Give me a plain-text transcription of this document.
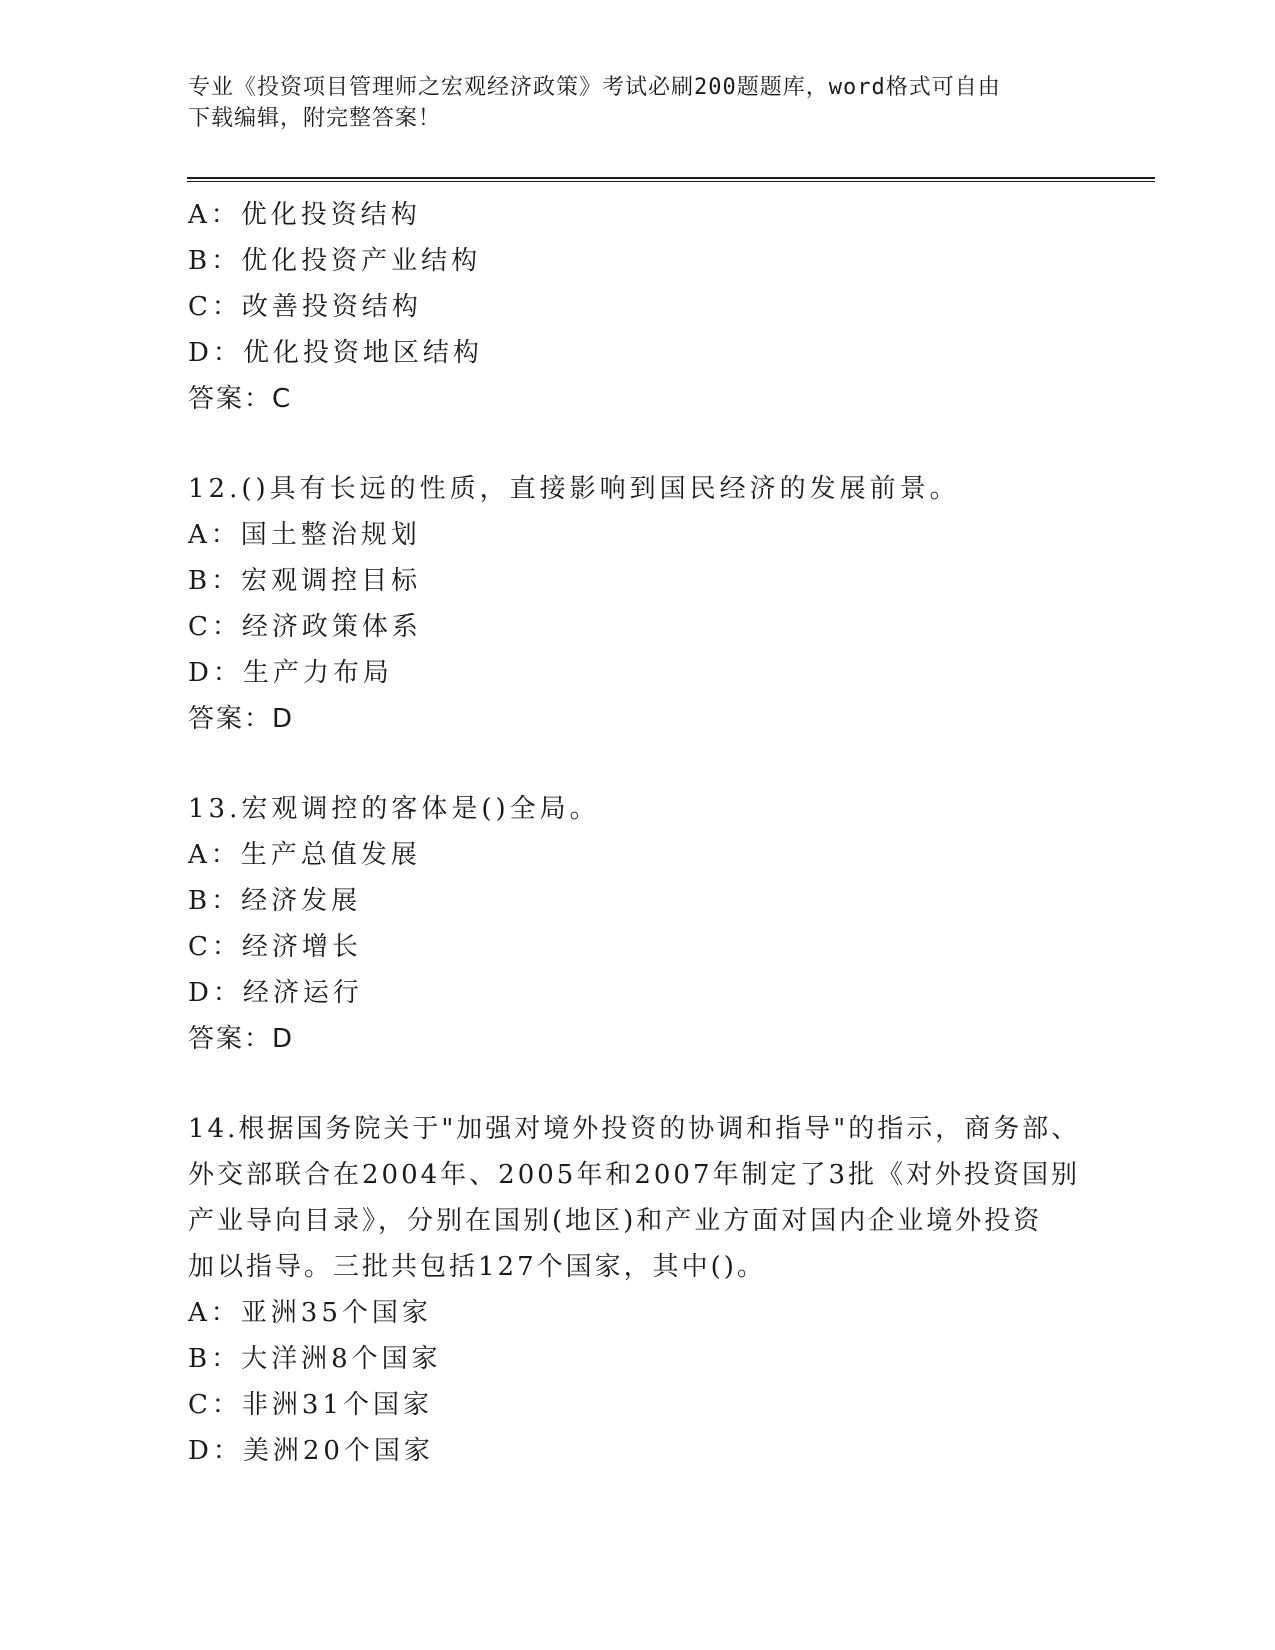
专业《投资项目管理师之宏观经济政策》考试必刷200题题库，word格式可自由
下载编辑，附完整答案！
A：优化投资结构
B：优化投资产业结构
C：改善投资结构
D：优化投资地区结构
答案：C
12.()具有长远的性质，直接影响到国民经济的发展前景。
A：国土整治规划
B：宏观调控目标
C：经济政策体系
D：生产力布局
答案：D
13.宏观调控的客体是()全局。
A：生产总值发展
B：经济发展
C：经济增长
D：经济运行
答案：D
14.根据国务院关于"加强对境外投资的协调和指导"的指示，商务部、
外交部联合在2004年、2005年和2007年制定了3批《对外投资国别
产业导向目录》，分别在国别(地区)和产业方面对国内企业境外投资
加以指导。三批共包括127个国家，其中()。
A：亚洲35个国家
B：大洋洲8个国家
C：非洲31个国家
D：美洲20个国家
